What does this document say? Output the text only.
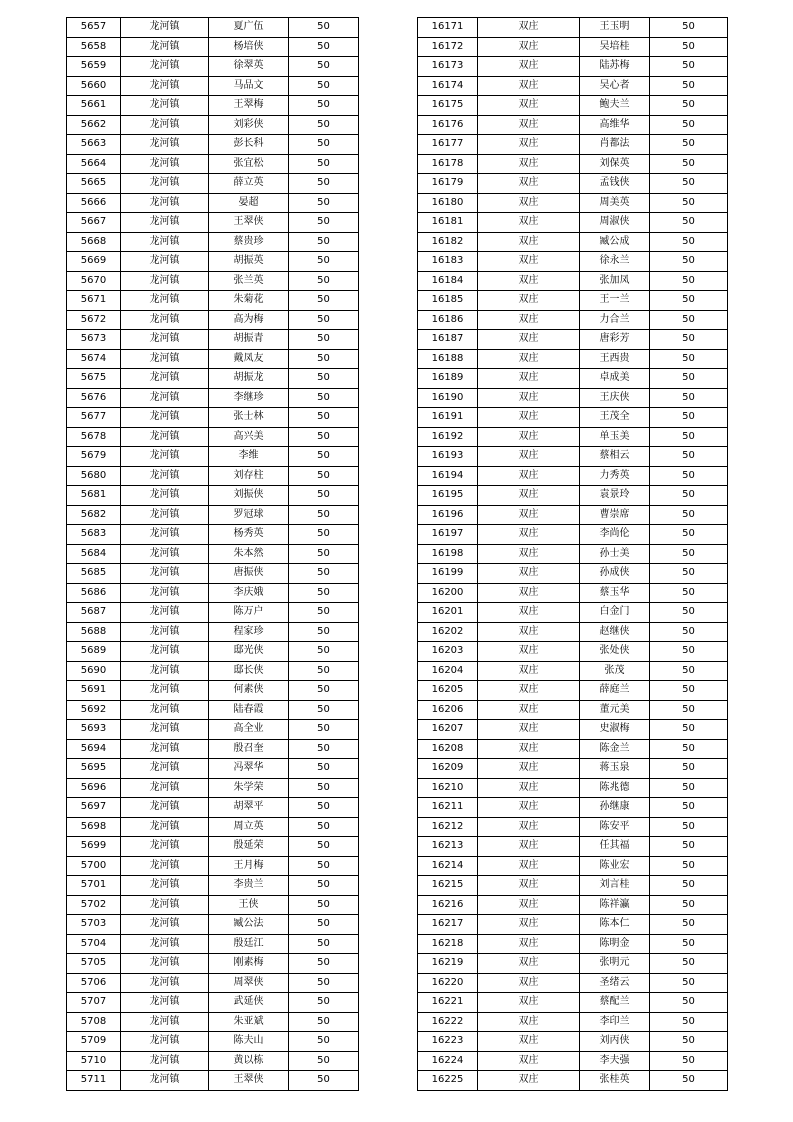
5657	龙河镇	夏广伍	50
5658	龙河镇	杨培侠	50
5659	龙河镇	徐翠英	50
5660	龙河镇	马品文	50
5661	龙河镇	王翠梅	50
5662	龙河镇	刘彩侠	50
5663	龙河镇	彭长科	50
5664	龙河镇	张宜松	50
5665	龙河镇	薛立英	50
5666	龙河镇	晏超	50
5667	龙河镇	王翠侠	50
5668	龙河镇	蔡贵珍	50
5669	龙河镇	胡振英	50
5670	龙河镇	张兰英	50
5671	龙河镇	朱菊花	50
5672	龙河镇	高为梅	50
5673	龙河镇	胡振青	50
5674	龙河镇	戴凤友	50
5675	龙河镇	胡振龙	50
5676	龙河镇	李继珍	50
5677	龙河镇	张士林	50
5678	龙河镇	高兴美	50
5679	龙河镇	李维	50
5680	龙河镇	刘存柱	50
5681	龙河镇	刘振侠	50
5682	龙河镇	罗冠球	50
5683	龙河镇	杨秀英	50
5684	龙河镇	朱本然	50
5685	龙河镇	唐振侠	50
5686	龙河镇	李庆娥	50
5687	龙河镇	陈万户	50
5688	龙河镇	程家珍	50
5689	龙河镇	邸光侠	50
5690	龙河镇	邸长侠	50
5691	龙河镇	何素侠	50
5692	龙河镇	陆春霞	50
5693	龙河镇	高全业	50
5694	龙河镇	殷召奎	50
5695	龙河镇	冯翠华	50
5696	龙河镇	朱学荣	50
5697	龙河镇	胡翠平	50
5698	龙河镇	周立英	50
5699	龙河镇	殷延荣	50
5700	龙河镇	王月梅	50
5701	龙河镇	李贵兰	50
5702	龙河镇	王侠	50
5703	龙河镇	臧公法	50
5704	龙河镇	殷廷江	50
5705	龙河镇	刚素梅	50
5706	龙河镇	周翠侠	50
5707	龙河镇	武延侠	50
5708	龙河镇	朱亚斌	50
5709	龙河镇	陈夫山	50
5710	龙河镇	黄以栋	50
5711	龙河镇	王翠侠	50
16171	双庄	王玉明	50
16172	双庄	吴培桂	50
16173	双庄	陆苏梅	50
16174	双庄	吴心者	50
16175	双庄	鲍夫兰	50
16176	双庄	高维华	50
16177	双庄	肖都法	50
16178	双庄	刘保英	50
16179	双庄	孟钱侠	50
16180	双庄	周美英	50
16181	双庄	周淑侠	50
16182	双庄	臧公成	50
16183	双庄	徐永兰	50
16184	双庄	张加凤	50
16185	双庄	王一兰	50
16186	双庄	力合兰	50
16187	双庄	唐彩芳	50
16188	双庄	王西贵	50
16189	双庄	卓成美	50
16190	双庄	王庆侠	50
16191	双庄	王茂全	50
16192	双庄	单玉美	50
16193	双庄	蔡相云	50
16194	双庄	力秀英	50
16195	双庄	袁景玲	50
16196	双庄	曹崇席	50
16197	双庄	李尚伦	50
16198	双庄	孙士美	50
16199	双庄	孙成侠	50
16200	双庄	蔡玉华	50
16201	双庄	白金门	50
16202	双庄	赵继侠	50
16203	双庄	张处侠	50
16204	双庄	张茂	50
16205	双庄	薛庭兰	50
16206	双庄	董元美	50
16207	双庄	史淑梅	50
16208	双庄	陈金兰	50
16209	双庄	蒋玉泉	50
16210	双庄	陈兆德	50
16211	双庄	孙继康	50
16212	双庄	陈安平	50
16213	双庄	任其福	50
16214	双庄	陈业宏	50
16215	双庄	刘言桂	50
16216	双庄	陈祥瀛	50
16217	双庄	陈本仁	50
16218	双庄	陈明金	50
16219	双庄	张明元	50
16220	双庄	圣绪云	50
16221	双庄	蔡配兰	50
16222	双庄	李印兰	50
16223	双庄	刘丙侠	50
16224	双庄	李夫强	50
16225	双庄	张桂英	50
